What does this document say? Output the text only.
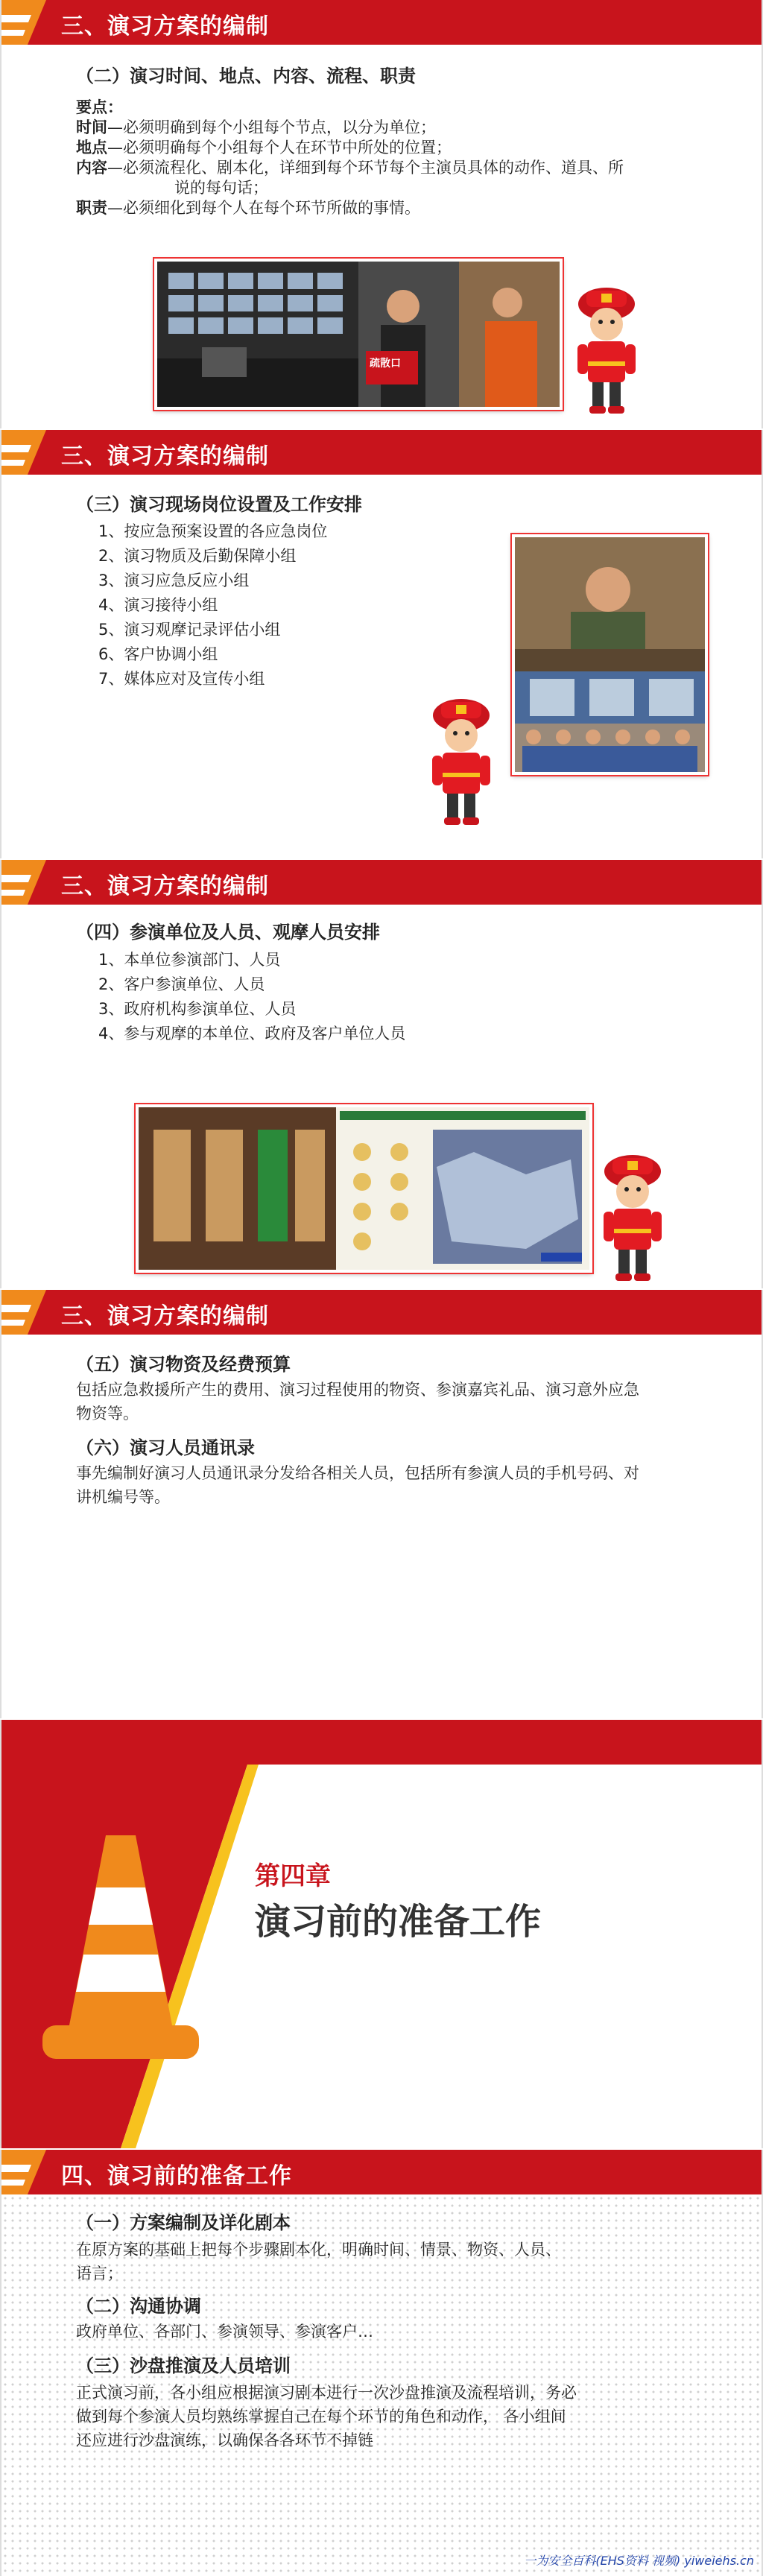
三、演习方案的编制
（二）演习时间、地点、内容、流程、职责
要点：
时间—必须明确到每个小组每个节点，以分为单位；
地点—必须明确每个小组每个人在环节中所处的位置；
内容—必须流程化、剧本化，详细到每个环节每个主演员具体的动作、道具、所
说的每句话；
职责—必须细化到每个人在每个环节所做的事情。
疏散口
三、演习方案的编制
（三）演习现场岗位设置及工作安排
1、按应急预案设置的各应急岗位
2、演习物质及后勤保障小组
3、演习应急反应小组
4、演习接待小组
5、演习观摩记录评估小组
6、客户协调小组
7、媒体应对及宣传小组
三、演习方案的编制
（四）参演单位及人员、观摩人员安排
1、本单位参演部门、人员
2、客户参演单位、人员
3、政府机构参演单位、人员
4、参与观摩的本单位、政府及客户单位人员
三、演习方案的编制
（五）演习物资及经费预算
包括应急救援所产生的费用、演习过程使用的物资、参演嘉宾礼品、演习意外应急
物资等。
（六）演习人员通讯录
事先编制好演习人员通讯录分发给各相关人员，包括所有参演人员的手机号码、对
讲机编号等。
第四章
演习前的准备工作
四、演习前的准备工作
（一）方案编制及详化剧本
在原方案的基础上把每个步骤剧本化，明确时间、情景、物资、人员、
语言；
（二）沟通协调
政府单位、各部门、参演领导、参演客户…
（三）沙盘推演及人员培训
正式演习前，各小组应根据演习剧本进行一次沙盘推演及流程培训，务必
做到每个参演人员均熟练掌握自己在每个环节的角色和动作， 各小组间
还应进行沙盘演练，以确保各各环节不掉链
一为安全百科(EHS资料 视频) yiweiehs.cn
